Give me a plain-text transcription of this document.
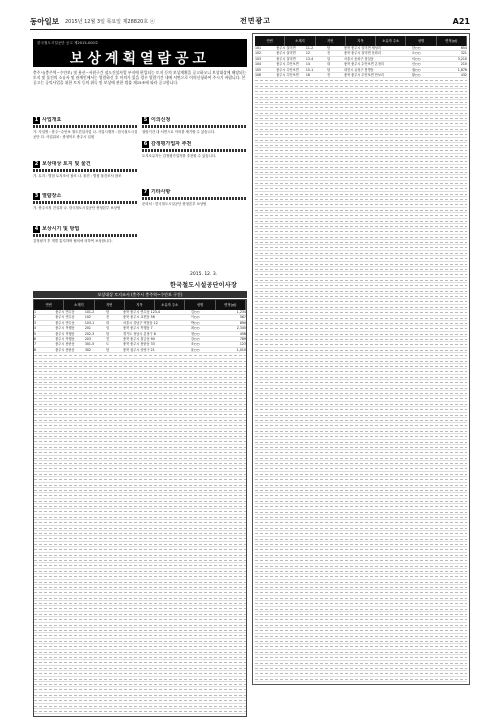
동아일보 2015년 12월 3일 목요일 제28820호 ⓐ	전면광고	A21
한국철도시설공단 공고 제2015-000호
보상계획열람공고
충주시(충주역~수안보) 및 용산~서원구간 철도건설사업 부지에 편입되는 토지 등의 보상계획을 공고하오니 보상대상에 해당되는 토지 및 물건의 소유자 및 관계인께서는 열람하신 후 이의가 있을 경우 열람기간 내에 서면으로 이의신청하여 주시기 바랍니다. 본 공고는 공익사업을 위한 토지 등의 취득 및 보상에 관한 법률 제15조에 따라 공고합니다.
1 사업개요
가. 사업명 : 충주~수안보 철도건설사업 나. 사업시행자 : 한국철도시설공단 다. 사업위치 : 충청북도 충주시 일원
2 보상대상 토지 및 물건
가. 토지 : 별첨 토지조서 참조 나. 물건 : 별첨 물건조서 참조
3 열람장소
가. 충주시청 건설과 나. 한국철도시설공단 충청본부 보상팀
4 보상시기 및 방법
감정평가 후 개별 통지하며 협의에 의하여 보상합니다.
5 이의신청
열람기간 내 서면으로 이의를 제기할 수 있습니다.
6 감정평가업자 추천
토지소유자는 감정평가업자를 추천할 수 있습니다.
7 기타사항
문의처 : 한국철도시설공단 충청본부 보상팀
2015. 12. 3.
한국철도시설공단이사장
보상대상 토지조서 (충주시 충주역~수안보 구간)
연번	소재지	지번	지목	소유자 주소	성명	면적(㎡)
1	충주시 연수동	101-2	답	충북 충주시 연수동 123-4	김○○	1,234
2	충주시 연수동	102	전	충북 충주시 교현동 56	이○○	567
3	충주시 연수동	103-1	대	서울시 강남구 역삼동 12	박○○	890
4	충주시 목행동	201	임	충북 충주시 목행동 7	최○○	2,345
5	충주시 목행동	202-3	답	경기도 성남시 분당구 8	정○○	456
6	충주시 목행동	203	전	충북 충주시 칠금동 90	강○○	789
7	충주시 용탄동	301-5	도	충북 충주시 용탄동 33	조○○	123
8	충주시 용탄동	302	답	충북 청주시 상당구 21	윤○○	1,010
연번	소재지	지번	지목	소유자 주소	성명	면적(㎡)
101	충주시 살미면	11-2	답	충북 충주시 살미면 세성리	한○○	654
102	충주시 살미면	12	전	충북 충주시 살미면 문화리	오○○	321
103	충주시 살미면	13-4	임	서울시 송파구 잠실동	서○○	3,210
104	충주시 수안보면	14	대	충북 충주시 수안보면 온천리	신○○	210
105	충주시 수안보면	15-1	답	대전시 유성구 봉명동	권○○	1,876
106	충주시 수안보면	16	전	충북 충주시 수안보면 안보리	황○○	432
